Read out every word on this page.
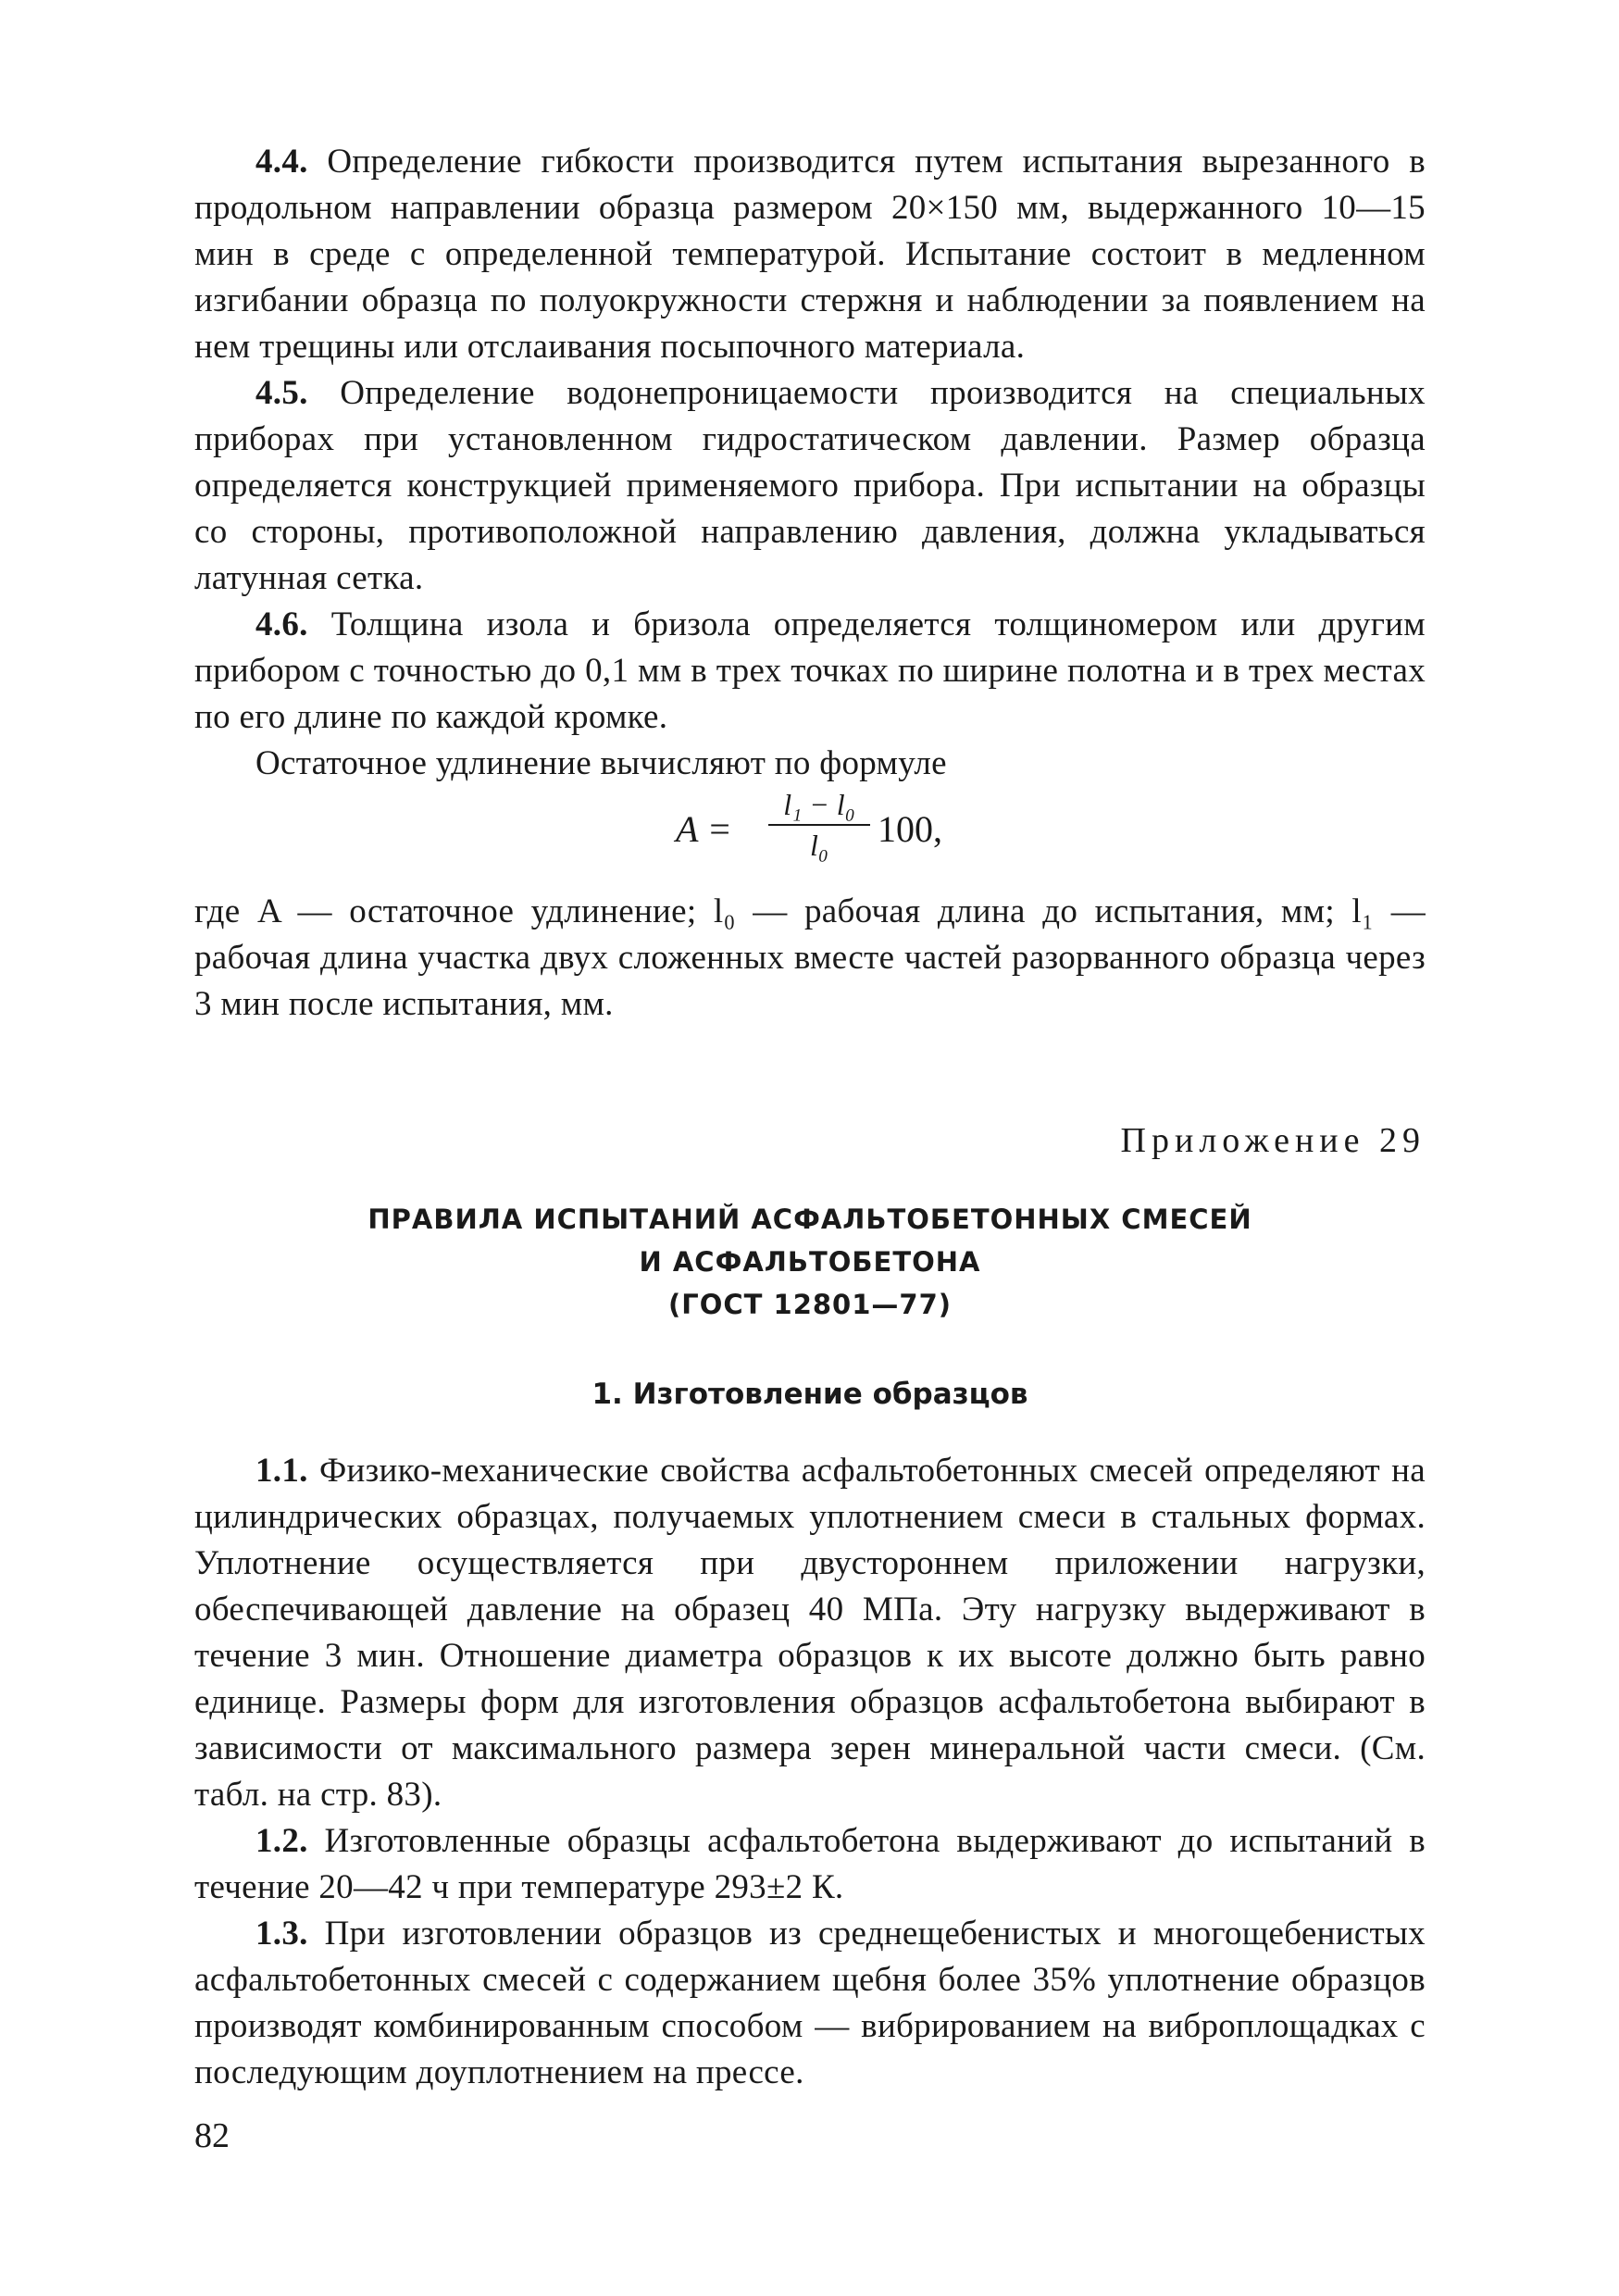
4.4. Определение гибкости производится путем испытания вырезанного в продольном направлении образца размером 20×150 мм, выдержанного 10—15 мин в среде с определенной температурой. Испытание состоит в медленном изгибании образца по полуокружности стержня и наблюдении за появлением на нем трещины или отслаивания посыпочного материала.

4.5. Определение водонепроницаемости производится на специальных приборах при установленном гидростатическом давлении. Размер образца определяется конструкцией применяемого прибора. При испытании на образцы со стороны, противоположной направлению давления, должна укладываться латунная сетка.

4.6. Толщина изола и бризола определяется толщиномером или другим прибором с точностью до 0,1 мм в трех точках по ширине полотна и в трех местах по его длине по каждой кромке.

Остаточное удлинение вычисляют по формуле

A =
l₁ − l₀
l₀	100,

где A — остаточное удлинение; l₀ — рабочая длина до испытания, мм; l₁ — рабочая длина участка двух сложенных вместе частей разорванного образца через 3 мин после испытания, мм.

Приложение 29

ПРАВИЛА ИСПЫТАНИЙ АСФАЛЬТОБЕТОННЫХ СМЕСЕЙ

И АСФАЛЬТОБЕТОНА

(ГОСТ 12801—77)

1. Изготовление образцов

1.1. Физико-механические свойства асфальтобетонных смесей определяют на цилиндрических образцах, получаемых уплотнением смеси в стальных формах. Уплотнение осуществляется при двустороннем приложении нагрузки, обеспечивающей давление на образец 40 МПа. Эту нагрузку выдерживают в течение 3 мин. Отношение диаметра образцов к их высоте должно быть равно единице. Размеры форм для изготовления образцов асфальтобетона выбирают в зависимости от максимального размера зерен минеральной части смеси. (См. табл. на стр. 83).

1.2. Изготовленные образцы асфальтобетона выдерживают до испытаний в течение 20—42 ч при температуре 293±2 К.

1.3. При изготовлении образцов из среднещебенистых и многощебенистых асфальтобетонных смесей с содержанием щебня более 35% уплотнение образцов производят комбинированным способом — вибрированием на виброплощадках с последующим доуплотнением на прессе.

82
